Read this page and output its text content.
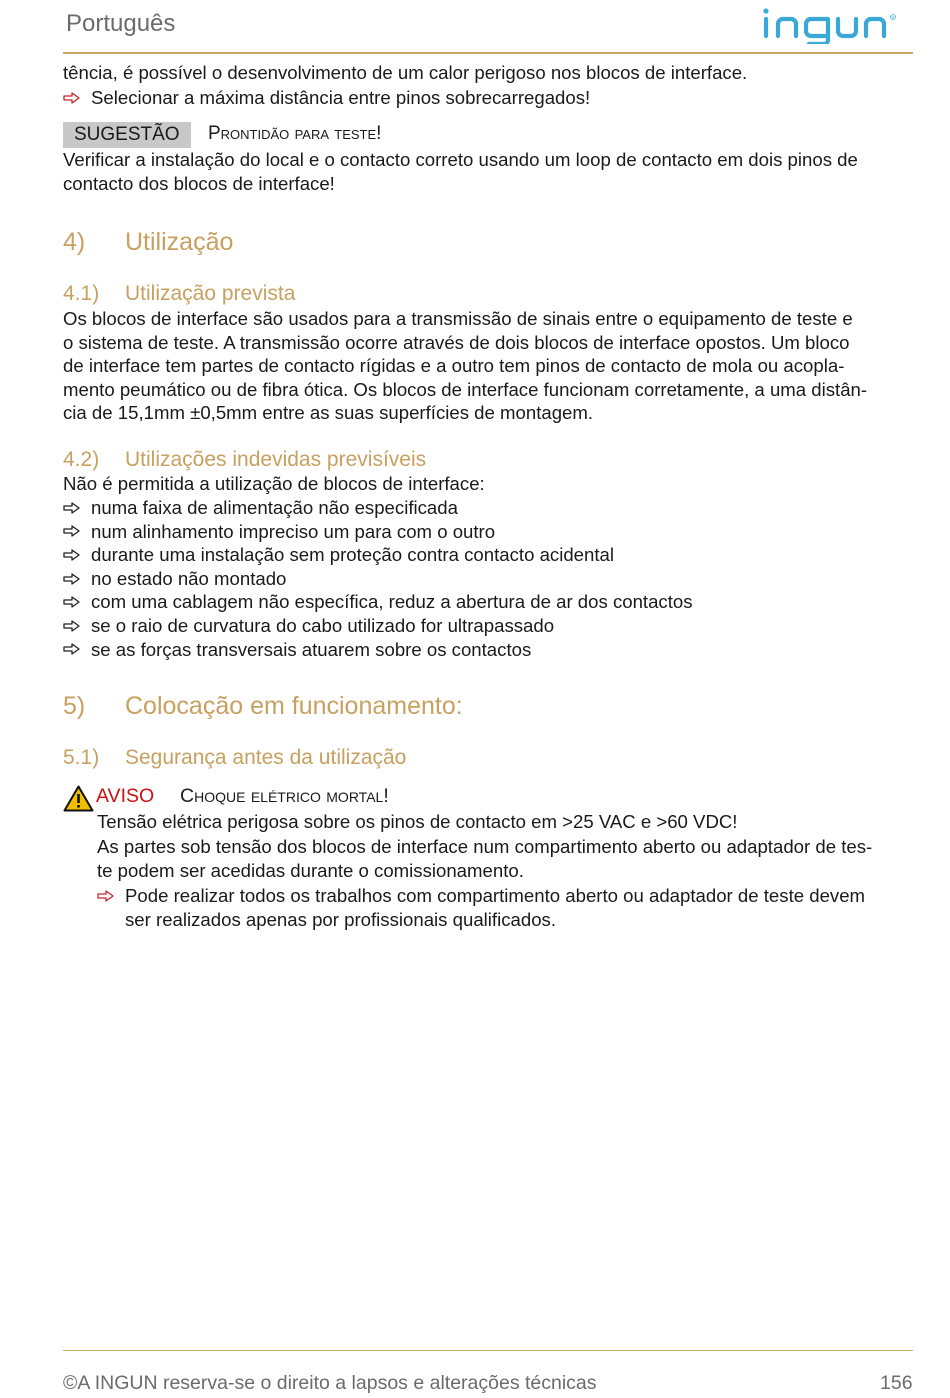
Português	R
tência, é possível o desenvolvimento de um calor perigoso nos blocos de interface.
Selecionar a máxima distância entre pinos sobrecarregados!
SUGESTÃO	Prontidão para teste!
Verificar a instalação do local e o contacto correto usando um loop de contacto em dois pinos de
contacto dos blocos de interface!
4) Utilização
4.1) Utilização prevista
Os blocos de interface são usados para a transmissão de sinais entre o equipamento de teste e
o sistema de teste. A transmissão ocorre através de dois blocos de interface opostos. Um bloco
de interface tem partes de contacto rígidas e a outro tem pinos de contacto de mola ou acopla-
mento peumático ou de fibra ótica. Os blocos de interface funcionam corretamente, a uma distân-
cia de 15,1mm ±0,5mm entre as suas superfícies de montagem.
4.2) Utilizações indevidas previsíveis
Não é permitida a utilização de blocos de interface:
numa faixa de alimentação não especificada
num alinhamento impreciso um para com o outro
durante uma instalação sem proteção contra contacto acidental
no estado não montado
com uma cablagem não específica, reduz a abertura de ar dos contactos
se o raio de curvatura do cabo utilizado for ultrapassado
se as forças transversais atuarem sobre os contactos
5) Colocação em funcionamento:
5.1) Segurança antes da utilização
AVISO Choque elétrico mortal!
Tensão elétrica perigosa sobre os pinos de contacto em >25 VAC e >60 VDC!
As partes sob tensão dos blocos de interface num compartimento aberto ou adaptador de tes-
te podem ser acedidas durante o comissionamento.
Pode realizar todos os trabalhos com compartimento aberto ou adaptador de teste devem
ser realizados apenas por profissionais qualificados.
©A INGUN reserva-se o direito a lapsos e alterações técnicas	156
